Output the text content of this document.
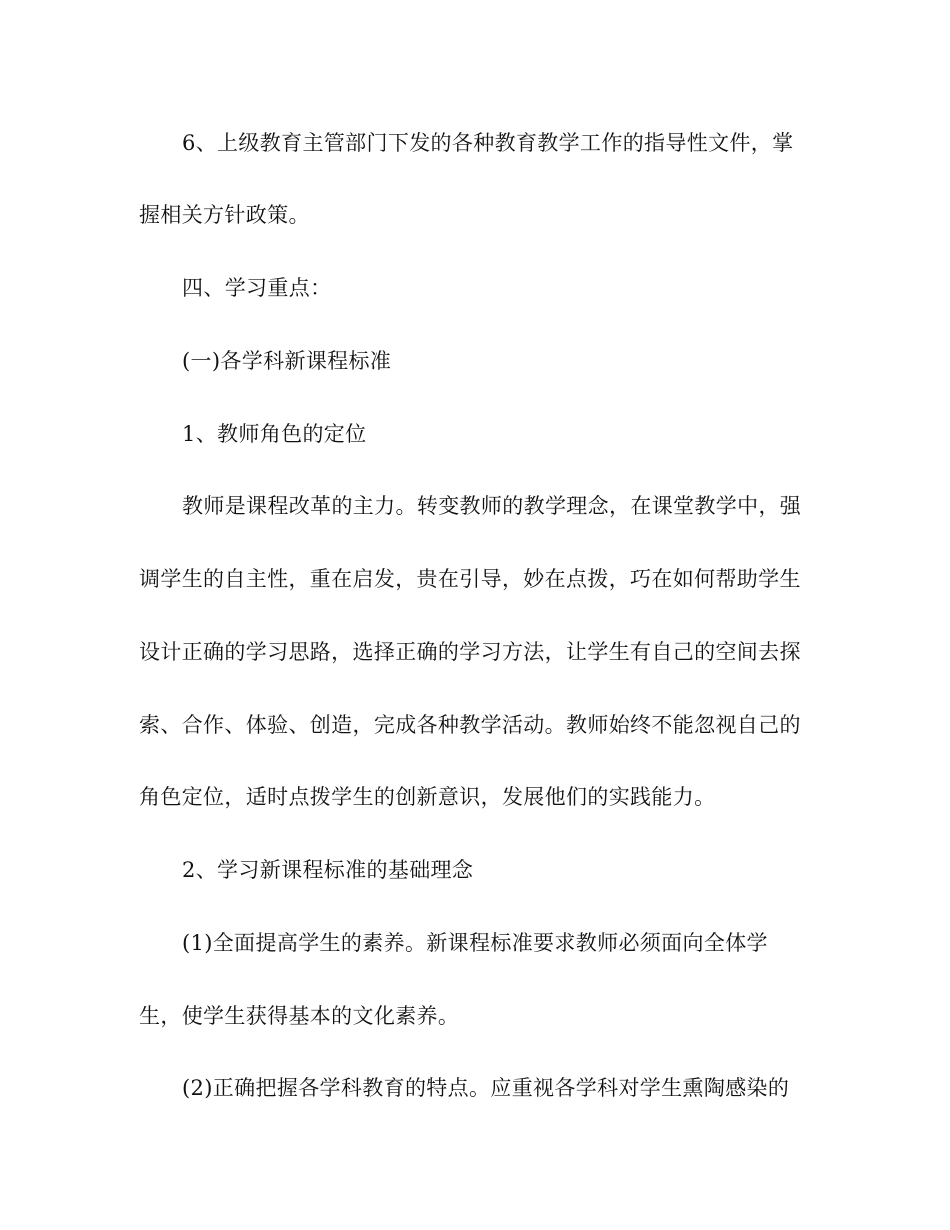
6、上级教育主管部门下发的各种教育教学工作的指导性文件，掌
握相关方针政策。
四、学习重点：
(一)各学科新课程标准
1、教师角色的定位
教师是课程改革的主力。转变教师的教学理念，在课堂教学中，强
调学生的自主性，重在启发，贵在引导，妙在点拨，巧在如何帮助学生
设计正确的学习思路，选择正确的学习方法，让学生有自己的空间去探
索、合作、体验、创造，完成各种教学活动。教师始终不能忽视自己的
角色定位，适时点拨学生的创新意识，发展他们的实践能力。
2、学习新课程标准的基础理念
(1)全面提高学生的素养。新课程标准要求教师必须面向全体学
生，使学生获得基本的文化素养。
(2)正确把握各学科教育的特点。应重视各学科对学生熏陶感染的
